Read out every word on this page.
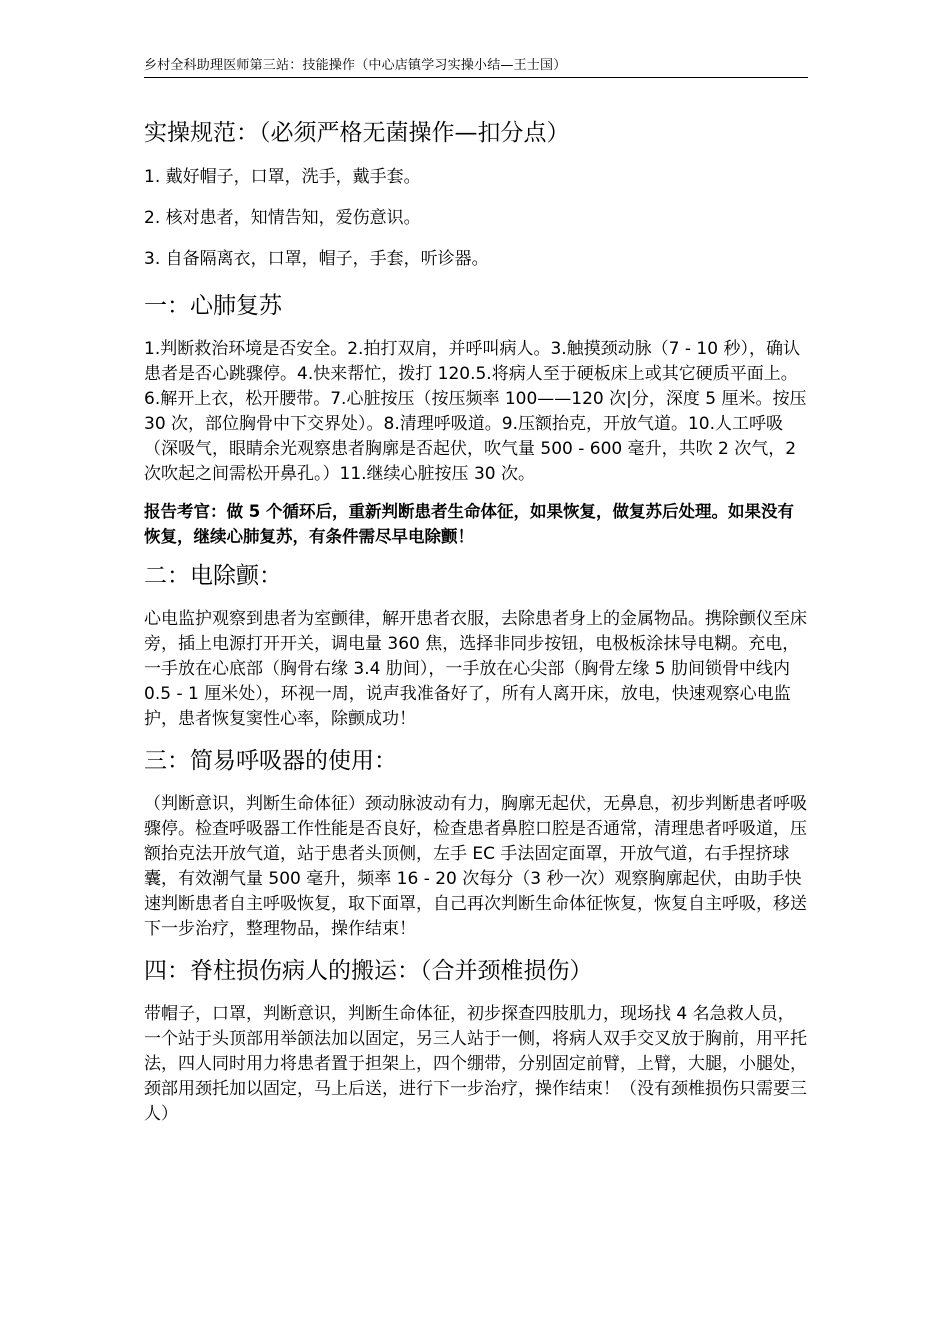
乡村全科助理医师第三站：技能操作（中心店镇学习实操小结—王士国）
实操规范：（必须严格无菌操作—扣分点）

1. 戴好帽子，口罩，洗手，戴手套。

2. 核对患者，知情告知，爱伤意识。

3. 自备隔离衣，口罩，帽子，手套，听诊器。

一：心肺复苏

1.判断救治环境是否安全。2.拍打双肩，并呼叫病人。3.触摸颈动脉（7 - 10 秒），确认患者是否心跳骤停。4.快来帮忙，拨打 120.5.将病人至于硬板床上或其它硬质平面上。6.解开上衣，松开腰带。7.心脏按压（按压频率 100——120 次|分，深度 5 厘米。按压 30 次，部位胸骨中下交界处）。8.清理呼吸道。9.压额抬克，开放气道。10.人工呼吸（深吸气，眼睛余光观察患者胸廓是否起伏，吹气量 500 - 600 毫升，共吹 2 次气，2 次吹起之间需松开鼻孔。）11.继续心脏按压 30 次。

报告考官：做 5 个循环后，重新判断患者生命体征，如果恢复，做复苏后处理。如果没有恢复，继续心肺复苏，有条件需尽早电除颤！

二：电除颤：

心电监护观察到患者为室颤律，解开患者衣服，去除患者身上的金属物品。携除颤仪至床旁，插上电源打开开关，调电量 360 焦，选择非同步按钮，电极板涂抹导电糊。充电，一手放在心底部（胸骨右缘 3.4 肋间），一手放在心尖部（胸骨左缘 5 肋间锁骨中线内 0.5 - 1 厘米处），环视一周，说声我准备好了，所有人离开床，放电，快速观察心电监护，患者恢复窦性心率，除颤成功！

三：简易呼吸器的使用：

（判断意识，判断生命体征）颈动脉波动有力，胸廓无起伏，无鼻息，初步判断患者呼吸骤停。检查呼吸器工作性能是否良好，检查患者鼻腔口腔是否通常，清理患者呼吸道，压额抬克法开放气道，站于患者头顶侧，左手 EC 手法固定面罩，开放气道，右手捏挤球囊，有效潮气量 500 毫升，频率 16 - 20 次每分（3 秒一次）观察胸廓起伏，由助手快速判断患者自主呼吸恢复，取下面罩，自己再次判断生命体征恢复，恢复自主呼吸，移送下一步治疗，整理物品，操作结束！

四：脊柱损伤病人的搬运：（合并颈椎损伤）

带帽子，口罩，判断意识，判断生命体征，初步探查四肢肌力，现场找 4 名急救人员，一个站于头顶部用举颌法加以固定，另三人站于一侧，将病人双手交叉放于胸前，用平托法，四人同时用力将患者置于担架上，四个绷带，分别固定前臂，上臂，大腿，小腿处，颈部用颈托加以固定，马上后送，进行下一步治疗，操作结束！（没有颈椎损伤只需要三人）
